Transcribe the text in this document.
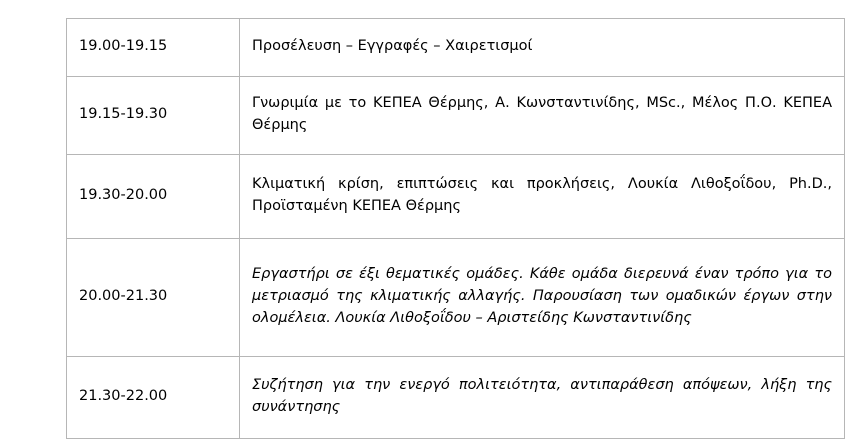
19.00-19.15	Προσέλευση – Εγγραφές – Χαιρετισμοί
19.15-19.30	Γνωριμία με το ΚΕΠΕΑ Θέρμης, Α. Κωνσταντινίδης, MSc., Μέλος Π.Ο. ΚΕΠΕΑ Θέρμης
19.30-20.00	Κλιματική κρίση, επιπτώσεις και προκλήσεις, Λουκία Λιθοξοΐδου, Ph.D., Προϊσταμένη ΚΕΠΕΑ Θέρμης
20.00-21.30	Εργαστήρι σε έξι θεματικές ομάδες. Κάθε ομάδα διερευνά έναν τρόπο για το μετριασμό της κλιματικής αλλαγής. Παρουσίαση των ομαδικών έργων στην ολομέλεια. Λουκία Λιθοξοΐδου – Αριστείδης Κωνσταντινίδης
21.30-22.00	Συζήτηση για την ενεργό πολιτειότητα, αντιπαράθεση απόψεων, λήξη της συνάντησης
